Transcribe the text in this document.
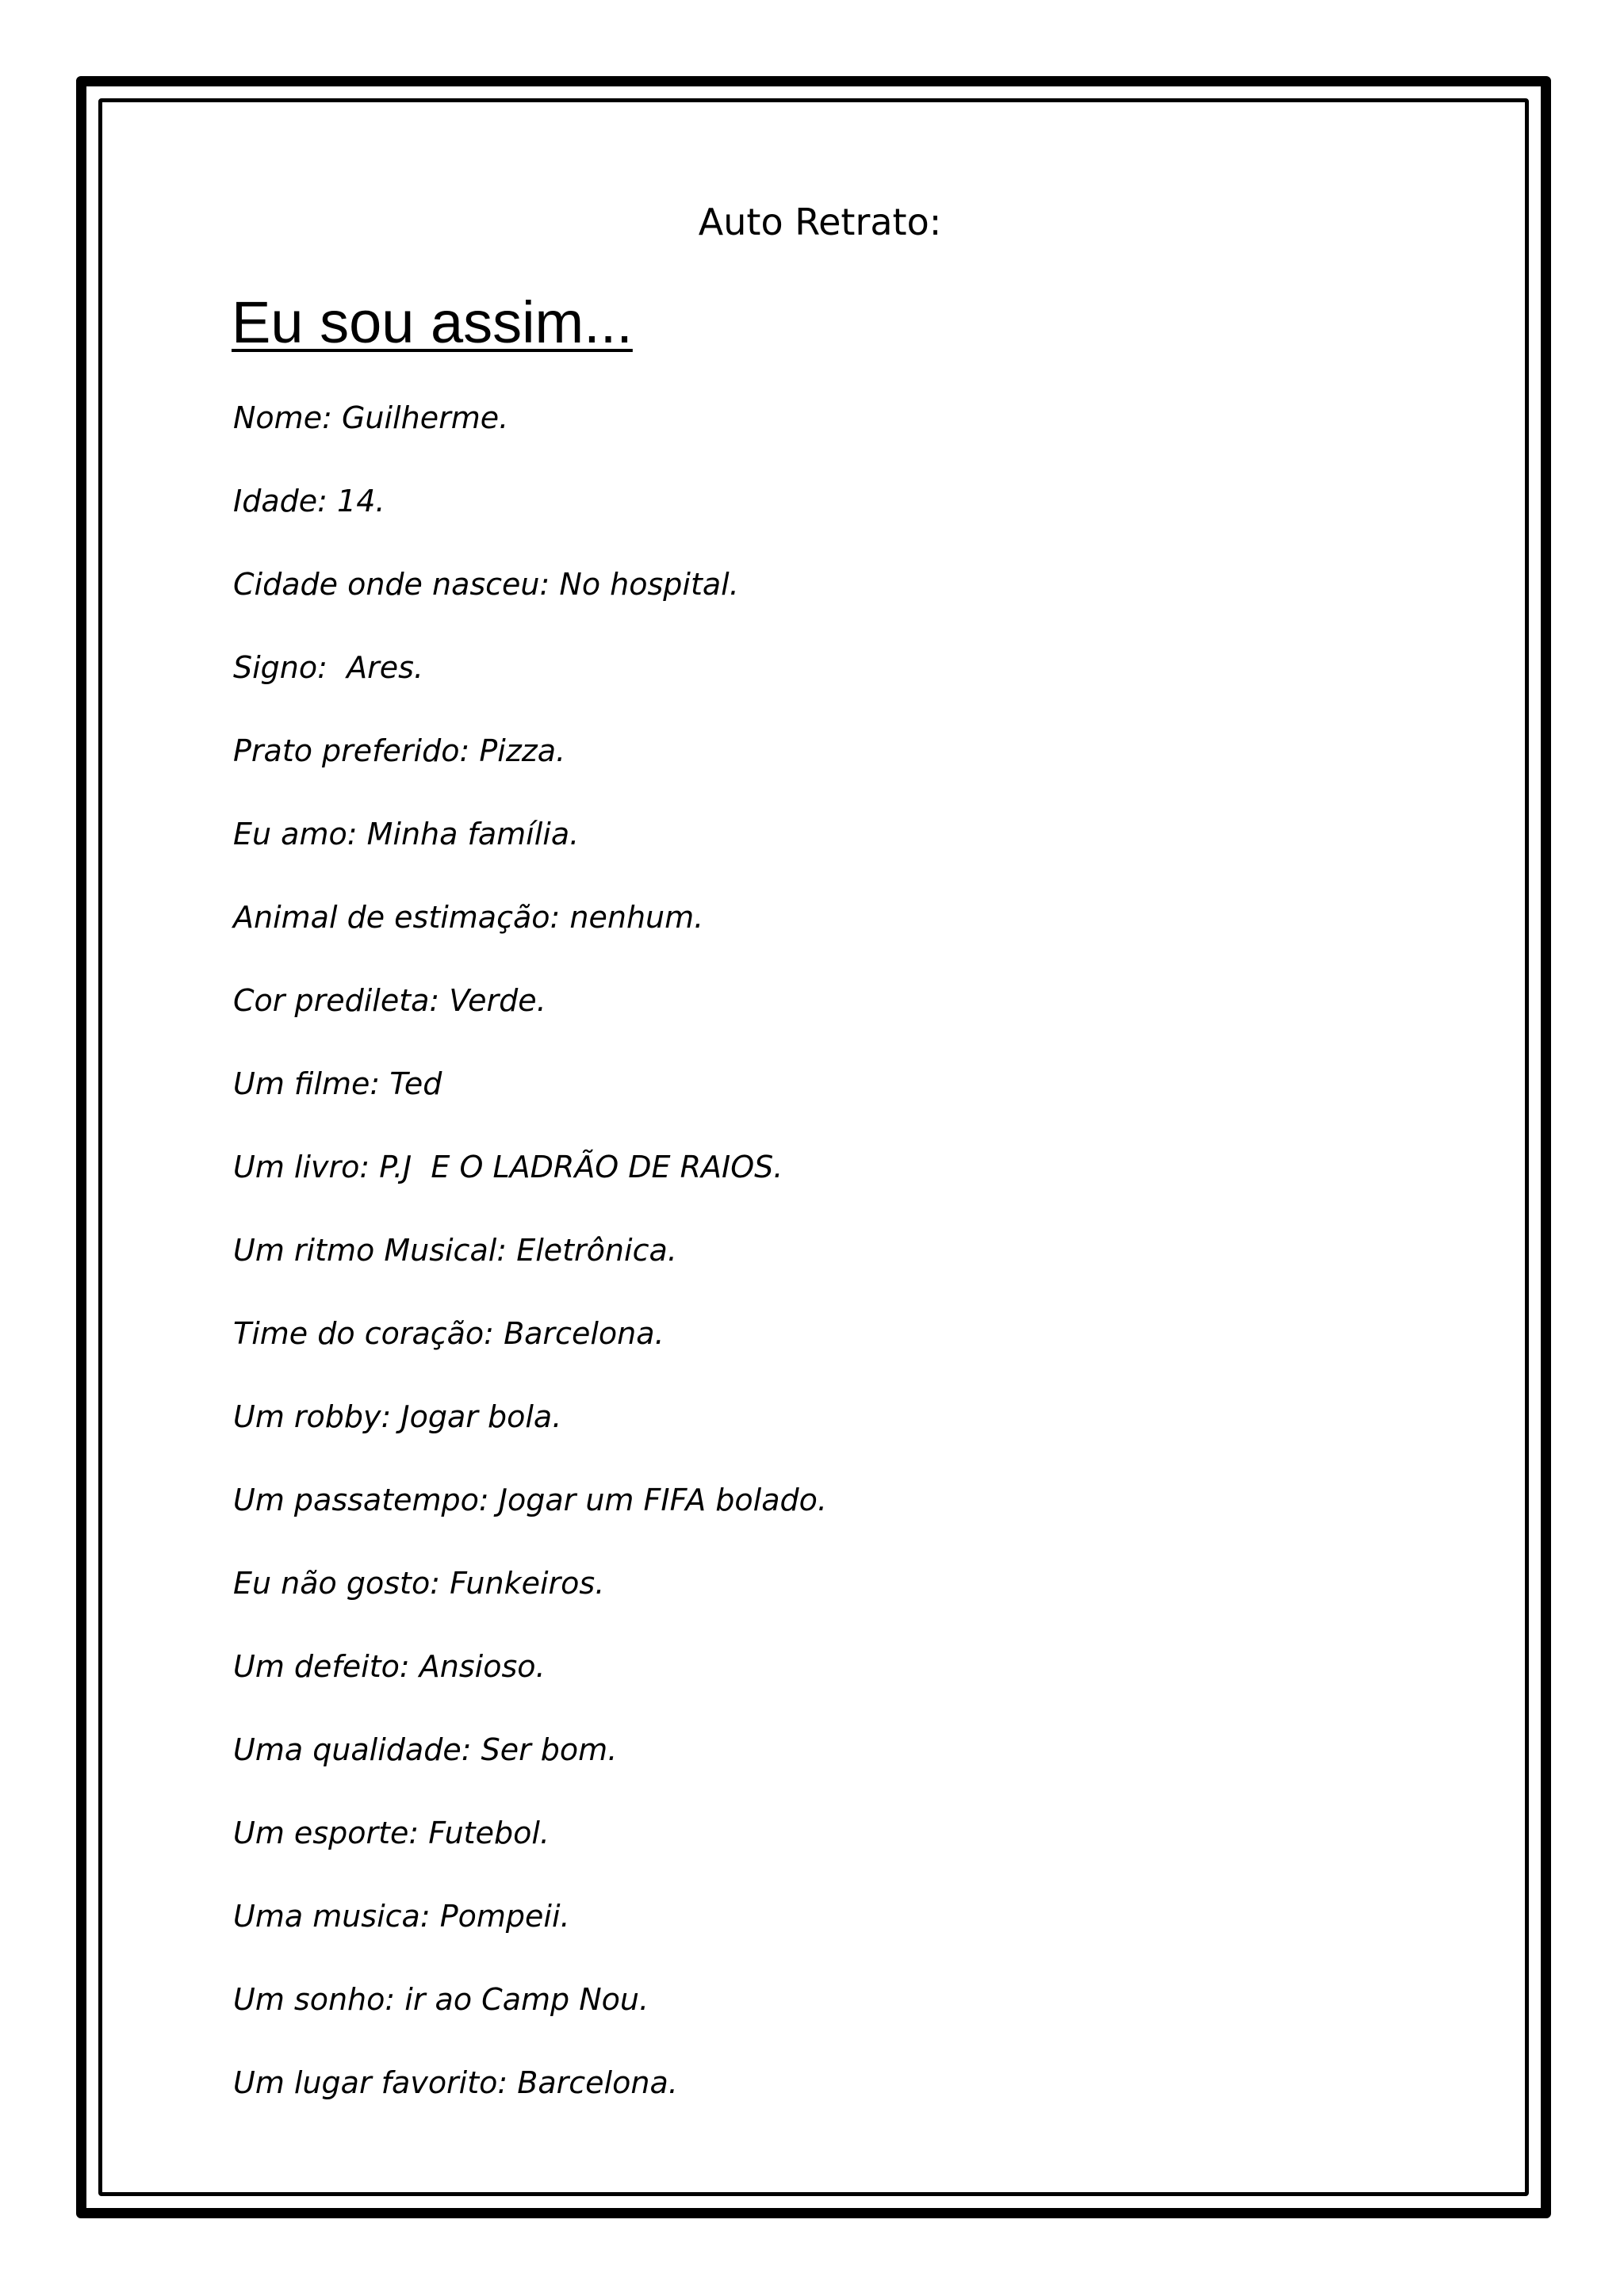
Auto Retrato:
Eu sou assim...
Nome: Guilherme.
Idade: 14.
Cidade onde nasceu: No hospital.
Signo:  Ares.
Prato preferido: Pizza.
Eu amo: Minha família.
Animal de estimação: nenhum.
Cor predileta: Verde.
Um filme: Ted
Um livro: P.J  E O LADRÃO DE RAIOS.
Um ritmo Musical: Eletrônica.
Time do coração: Barcelona.
Um robby: Jogar bola.
Um passatempo: Jogar um FIFA bolado.
Eu não gosto: Funkeiros.
Um defeito: Ansioso.
Uma qualidade: Ser bom.
Um esporte: Futebol.
Uma musica: Pompeii.
Um sonho: ir ao Camp Nou.
Um lugar favorito: Barcelona.
